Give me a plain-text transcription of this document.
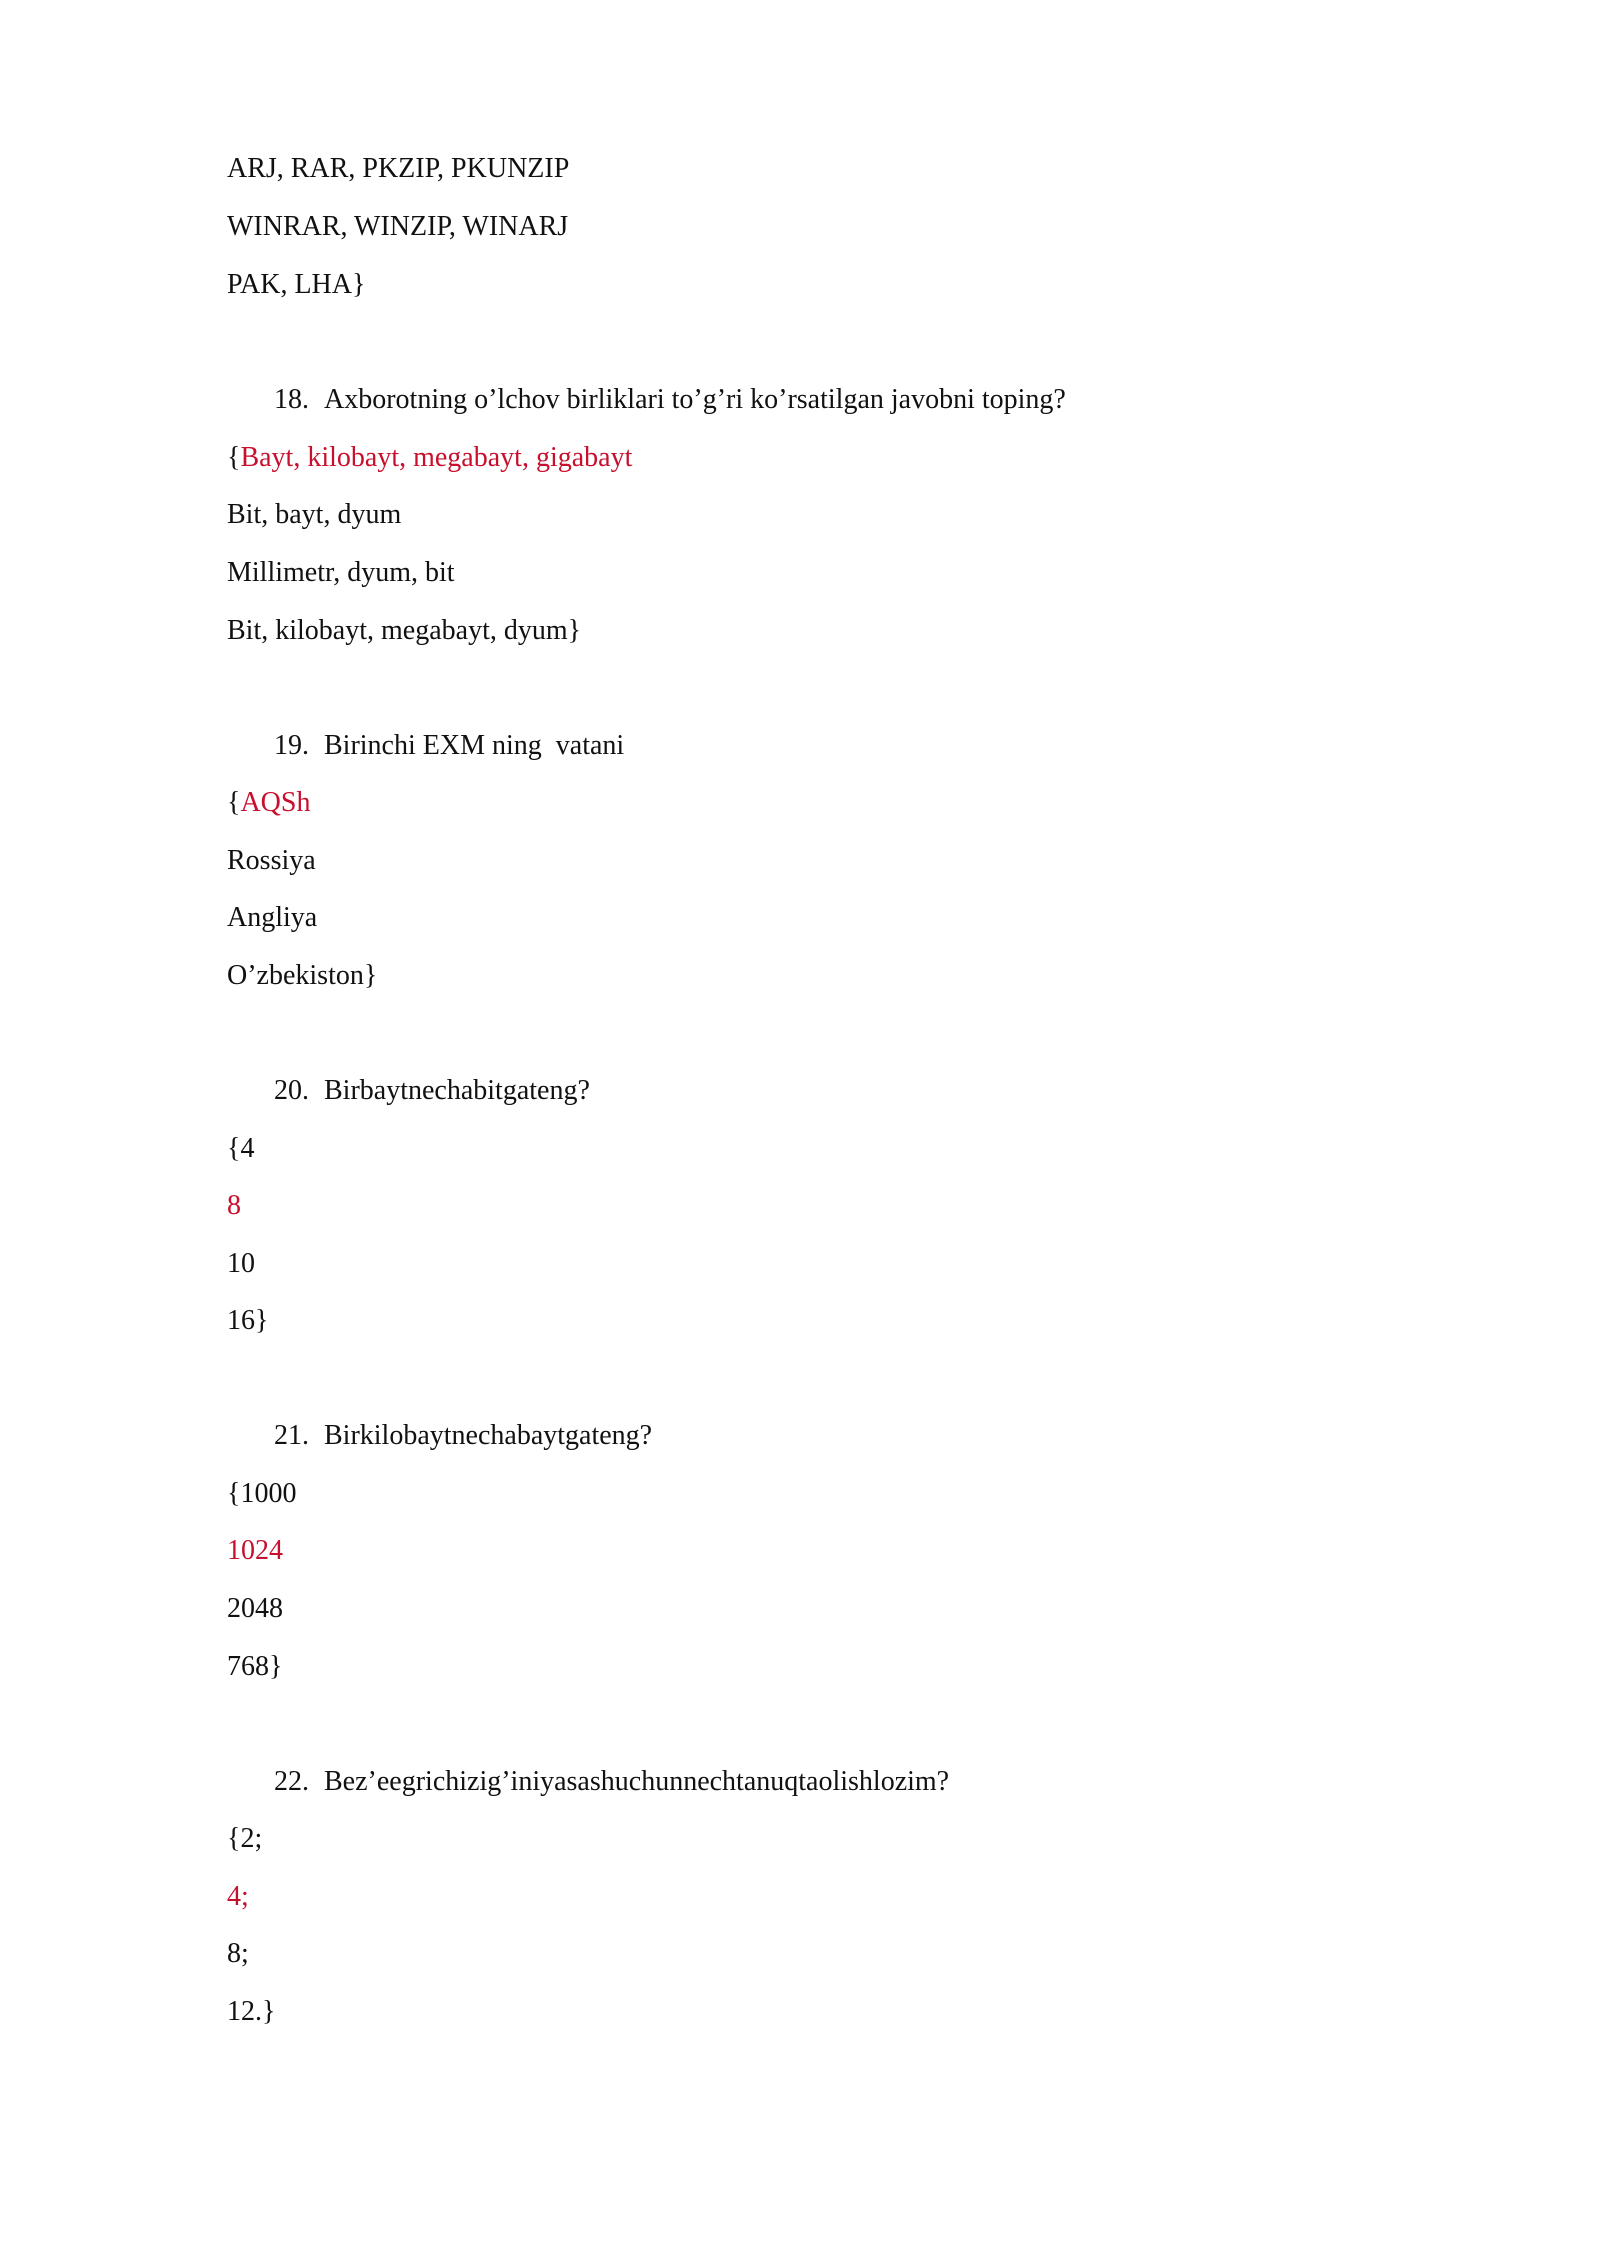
ARJ, RAR, PKZIP, PKUNZIP
WINRAR, WINZIP, WINARJ
PAK, LHA}
18. Axborotning o’lchov birliklari to’g’ri ko’rsatilgan javobni toping?
{Bayt, kilobayt, megabayt, gigabayt
Bit, bayt, dyum
Millimetr, dyum, bit
Bit, kilobayt, megabayt, dyum}
19. Birinchi EXM ning  vatani
{AQSh
Rossiya
Angliya
O’zbekiston}
20. Birbaytnechabitgateng?
{4
8
10
16}
21. Birkilobaytnechabaytgateng?
{1000
1024
2048
768}
22. Bez’eegrichizig’iniyasashuchunnechtanuqtaolishlozim?
{2;
4;
8;
12.}
